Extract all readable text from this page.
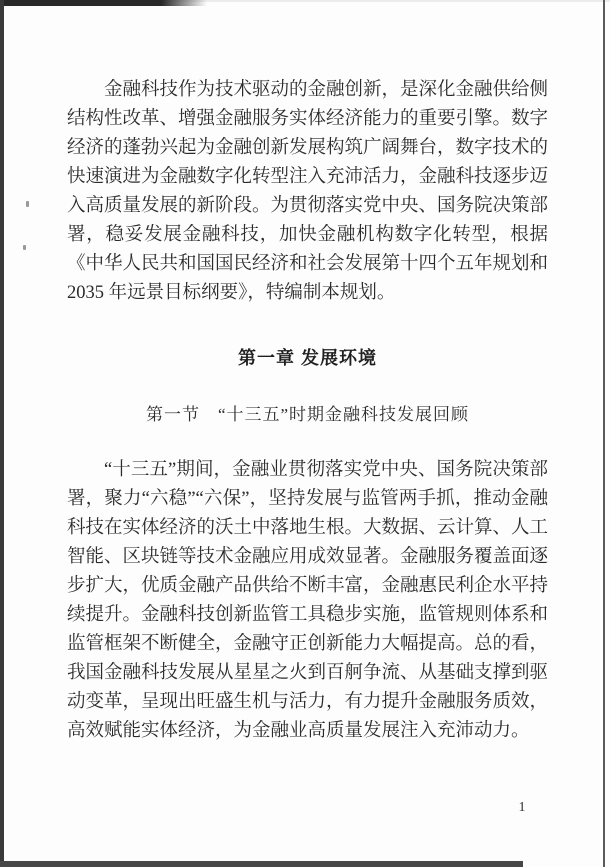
金融科技作为技术驱动的金融创新，是深化金融供给侧结构性改革、增强金融服务实体经济能力的重要引擎。数字经济的蓬勃兴起为金融创新发展构筑广阔舞台，数字技术的快速演进为金融数字化转型注入充沛活力，金融科技逐步迈入高质量发展的新阶段。为贯彻落实党中央、国务院决策部署，稳妥发展金融科技，加快金融机构数字化转型，根据《中华人民共和国国民经济和社会发展第十四个五年规划和2035 年远景目标纲要》，特编制本规划。
第一章 发展环境
第一节　“十三五”时期金融科技发展回顾
“十三五”期间，金融业贯彻落实党中央、国务院决策部署，聚力“六稳”“六保”，坚持发展与监管两手抓，推动金融科技在实体经济的沃土中落地生根。大数据、云计算、人工智能、区块链等技术金融应用成效显著。金融服务覆盖面逐步扩大，优质金融产品供给不断丰富，金融惠民利企水平持续提升。金融科技创新监管工具稳步实施，监管规则体系和监管框架不断健全，金融守正创新能力大幅提高。总的看，我国金融科技发展从星星之火到百舸争流、从基础支撑到驱动变革，呈现出旺盛生机与活力，有力提升金融服务质效，高效赋能实体经济，为金融业高质量发展注入充沛动力。
1
